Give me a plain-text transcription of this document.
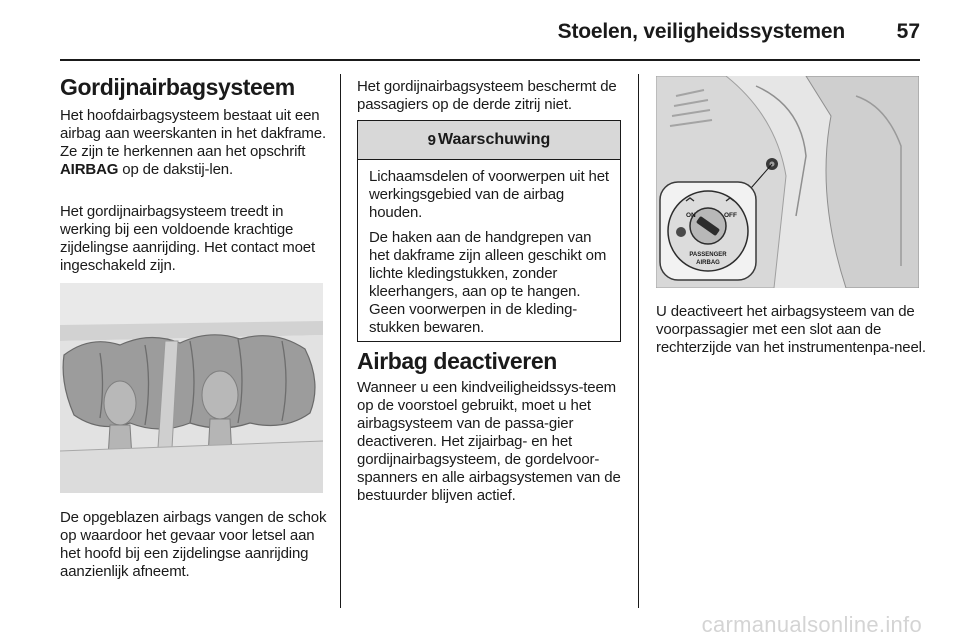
Stoelen, veiligheidssystemen 57
Gordijnairbagsysteem

Het hoofdairbagsysteem bestaat uit een airbag aan weerskanten in het dakframe. Ze zijn te herkennen aan het opschrift AIRBAG op de dakstij-len.

Het gordijnairbagsysteem treedt in werking bij een voldoende krachtige zijdelingse aanrijding. Het contact moet ingeschakeld zijn.

De opgeblazen airbags vangen de schok op waardoor het gevaar voor letsel aan het hoofd bij een zijdelingse aanrijding aanzienlijk afneemt.

Het gordijnairbagsysteem beschermt de passagiers op de derde zitrij niet.

9 Waarschuwing

Lichaamsdelen of voorwerpen uit het werkingsgebied van de airbag houden.

De haken aan de handgrepen van het dakframe zijn alleen geschikt om lichte kledingstukken, zonder kleerhangers, aan op te hangen. Geen voorwerpen in de kleding-stukken bewaren.

Airbag deactiveren

Wanneer u een kindveiligheidssys-teem op de voorstoel gebruikt, moet u het airbagsysteem van de passa-gier deactiveren. Het zijairbag- en het gordijnairbagsysteem, de gordelvoor-spanners en alle airbagsystemen van de bestuurder blijven actief.

ON	OFF
PASSENGER
AIRBAG

U deactiveert het airbagsysteem van de voorpassagier met een slot aan de rechterzijde van het instrumentenpa-neel.

carmanualsonline.info
